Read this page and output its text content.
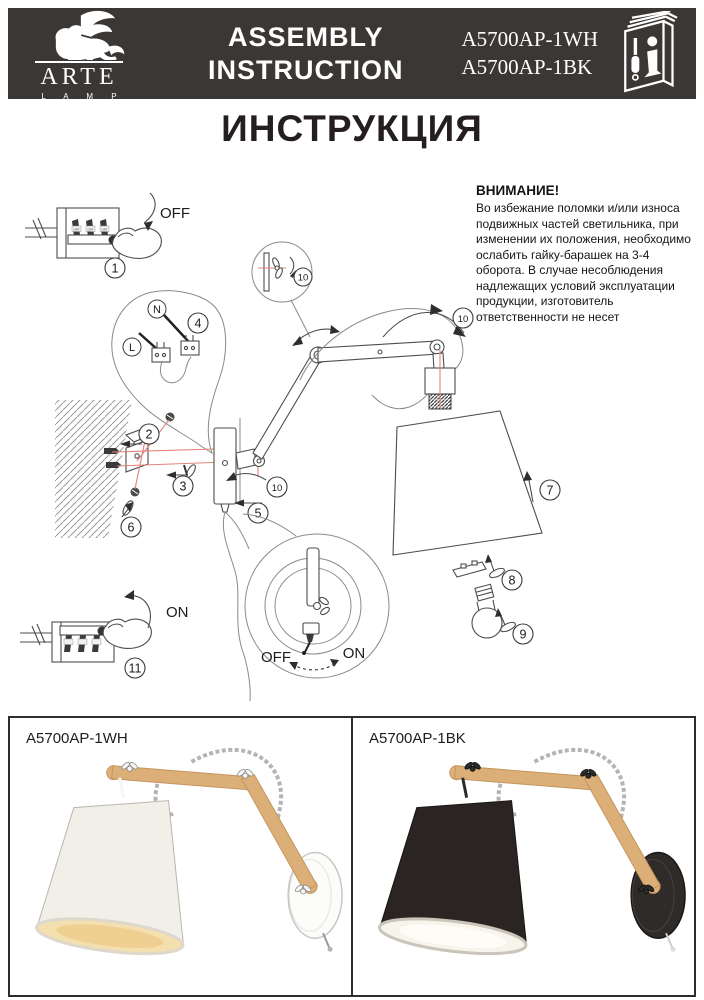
ARTE
L A M P
ASSEMBLY
INSTRUCTION
A5700AP-1WH
A5700AP-1BK
ИНСТРУКЦИЯ
OFF	OFF	OFF
OFF
1
10
N
L
4
2
3
6
10
5
10	7
OFF	ON
8
9
ON
11
ВНИМАНИЕ!

Во избежание поломки и/или износа подвижных частей светильника, при изменении их положения, необходимо ослабить гайку-барашек на 3-4 оборота. В случае несоблюдения надлежащих условий эксплуатации продукции, изготовитель ответственности не несет

A5700AP-1WH	A5700AP-1BK
